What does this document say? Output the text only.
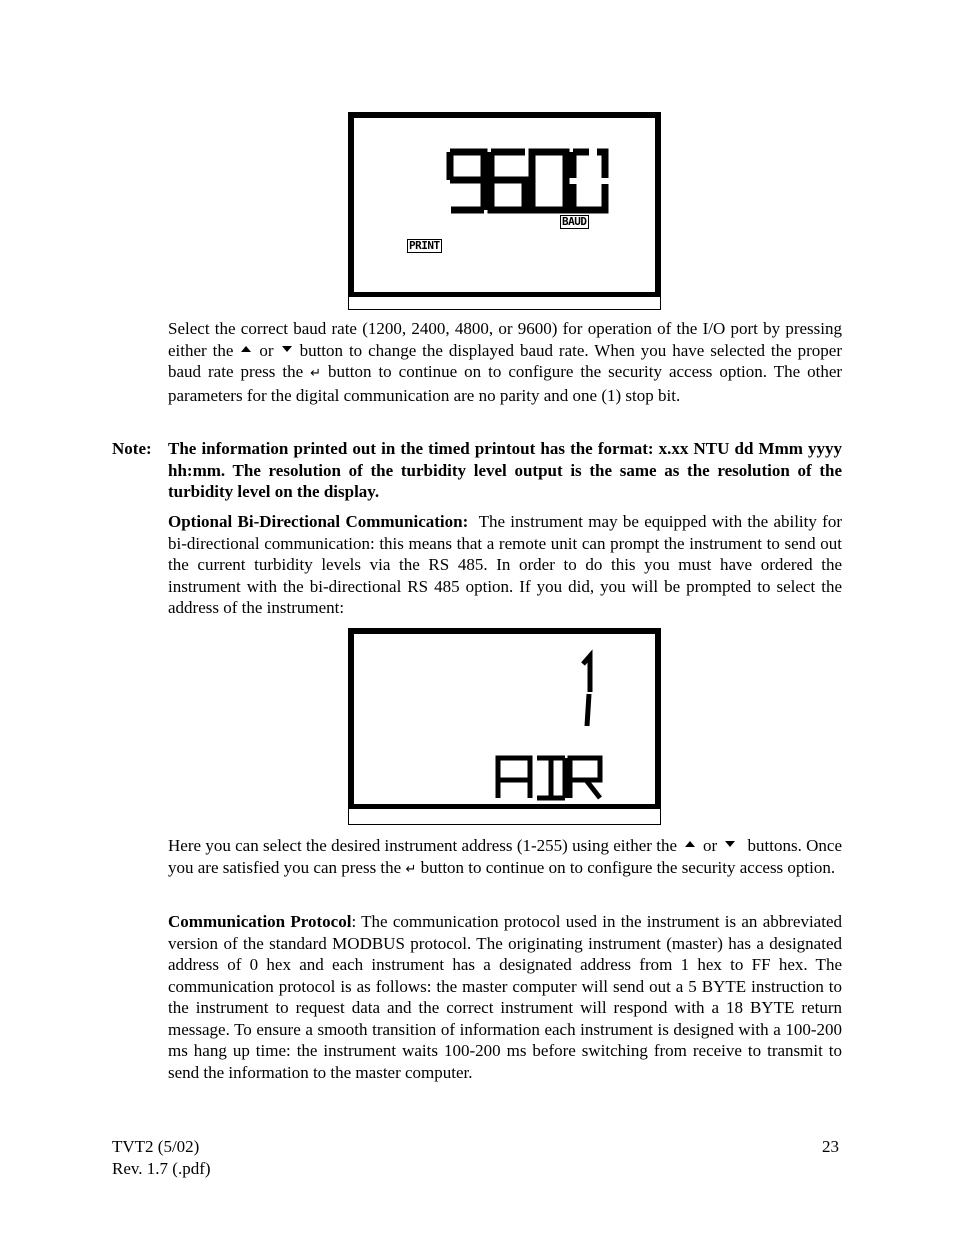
BAUD
PRINT

Select the correct baud rate (1200, 2400, 4800, or 9600) for operation of the I/O port by pressing either the or button to change the displayed baud rate. When you have selected the proper baud rate press the ↵ button to continue on to configure the security access option. The other parameters for the digital communication are no parity and one (1) stop bit.

Note: The information printed out in the timed printout has the format: x.xx NTU dd Mmm yyyy hh:mm. The resolution of the turbidity level output is the same as the resolution of the turbidity level on the display.

Optional Bi-Directional Communication: The instrument may be equipped with the ability for bi-directional communication: this means that a remote unit can prompt the instrument to send out the current turbidity levels via the RS 485. In order to do this you must have ordered the instrument with the bi-directional RS 485 option. If you did, you will be prompted to select the address of the instrument:

Here you can select the desired instrument address (1-255) using either the or buttons. Once you are satisfied you can press the ↵ button to continue on to configure the security access option.

Communication Protocol: The communication protocol used in the instrument is an abbreviated version of the standard MODBUS protocol. The originating instrument (master) has a designated address of 0 hex and each instrument has a designated address from 1 hex to FF hex. The communication protocol is as follows: the master computer will send out a 5 BYTE instruction to the instrument to request data and the correct instrument will respond with a 18 BYTE return message. To ensure a smooth transition of information each instrument is designed with a 100-200 ms hang up time: the instrument waits 100-200 ms before switching from receive to transmit to send the information to the master computer.

TVT2 (5/02)
Rev. 1.7 (.pdf)
23
